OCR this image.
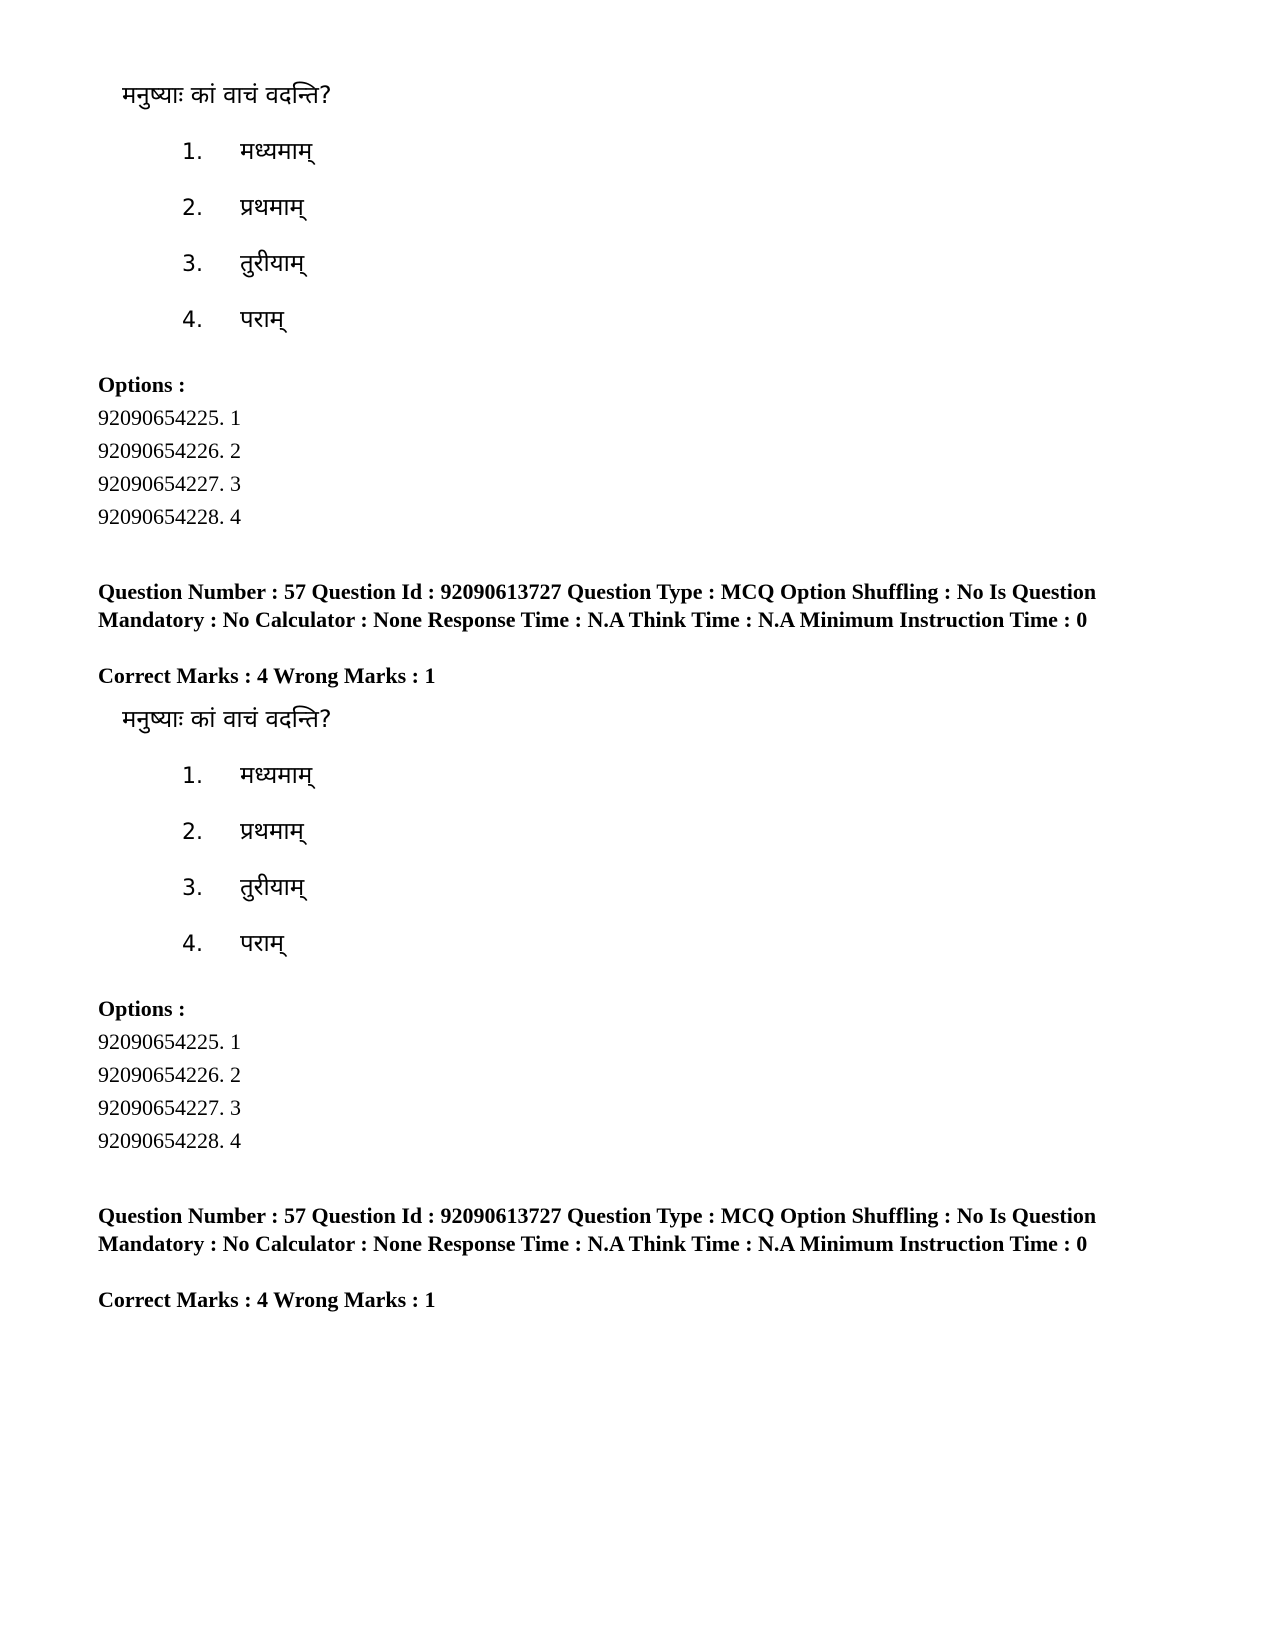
मनुष्याः कां वाचं वदन्ति?
1. मध्यमाम्
2. प्रथमाम्
3. तुरीयाम्
4. पराम्
Options :
92090654225. 1
92090654226. 2
92090654227. 3
92090654228. 4
Question Number : 57 Question Id : 92090613727 Question Type : MCQ Option Shuffling : No Is Question Mandatory : No Calculator : None Response Time : N.A Think Time : N.A Minimum Instruction Time : 0
Correct Marks : 4 Wrong Marks : 1
मनुष्याः कां वाचं वदन्ति?
1. मध्यमाम्
2. प्रथमाम्
3. तुरीयाम्
4. पराम्
Options :
92090654225. 1
92090654226. 2
92090654227. 3
92090654228. 4
Question Number : 57 Question Id : 92090613727 Question Type : MCQ Option Shuffling : No Is Question Mandatory : No Calculator : None Response Time : N.A Think Time : N.A Minimum Instruction Time : 0
Correct Marks : 4 Wrong Marks : 1
